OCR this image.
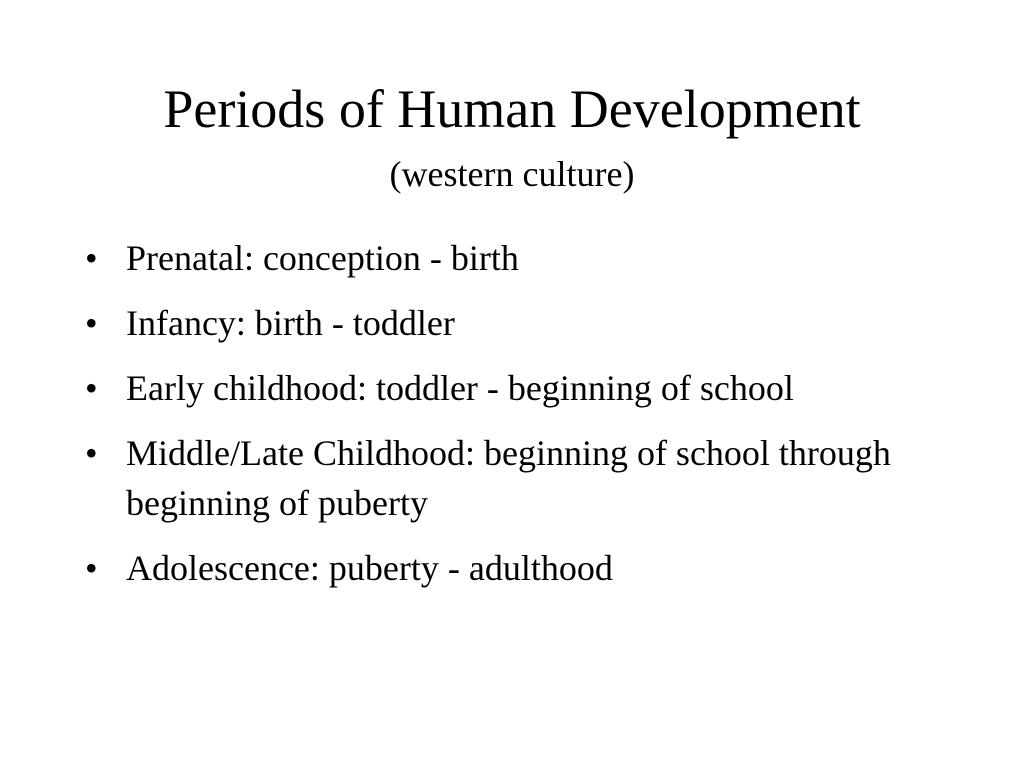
Periods of Human Development
(western culture)
• Prenatal: conception - birth
• Infancy: birth - toddler
• Early childhood: toddler - beginning of school
• Middle/Late Childhood: beginning of school through beginning of puberty
• Adolescence: puberty - adulthood
